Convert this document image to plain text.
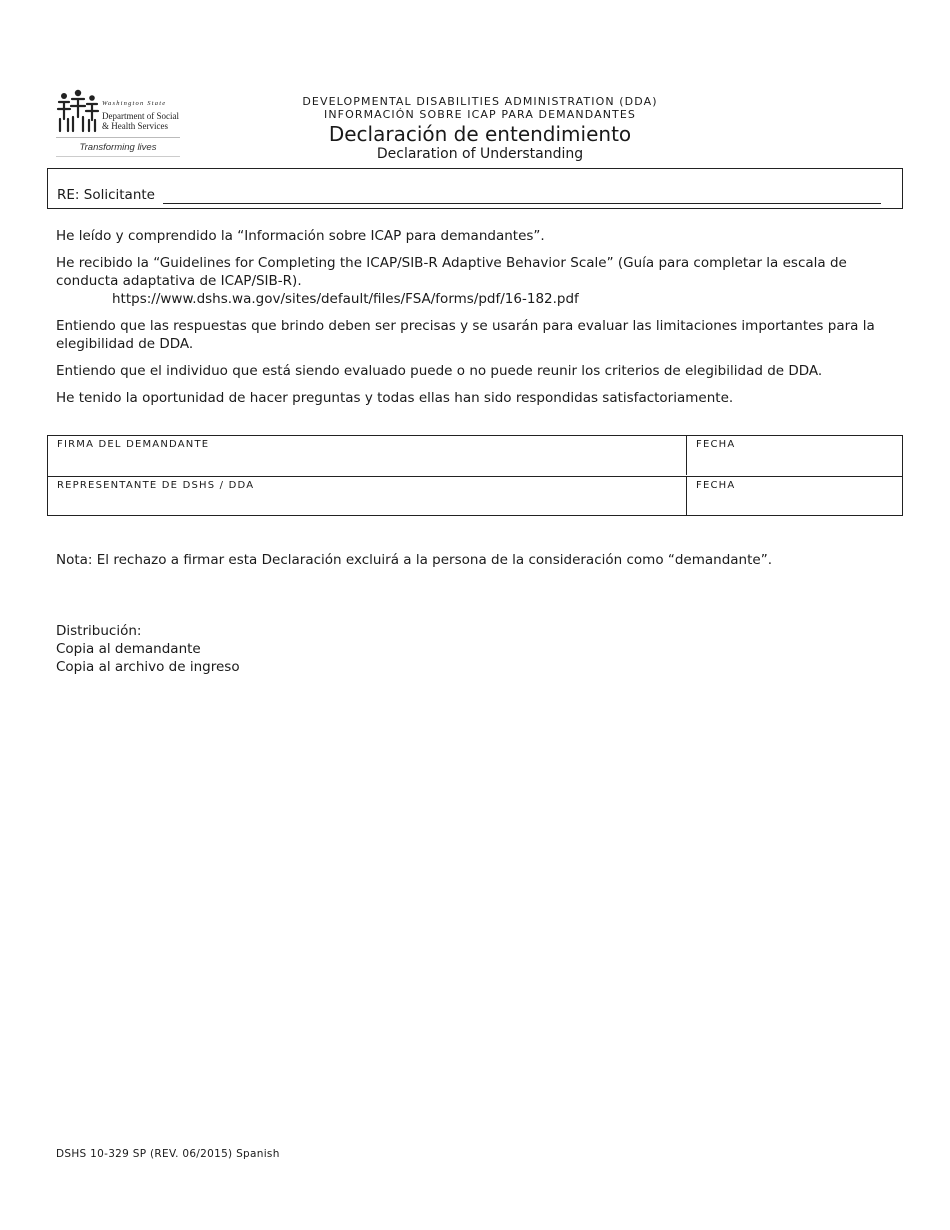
Washington State
Department of Social
& Health Services
Transforming lives
DEVELOPMENTAL DISABILITIES ADMINISTRATION (DDA)
INFORMACIÓN SOBRE ICAP PARA DEMANDANTES
Declaración de entendimiento
Declaration of Understanding
RE: Solicitante
He leído y comprendido la “Información sobre ICAP para demandantes”.
He recibido la “Guidelines for Completing the ICAP/SIB-R Adaptive Behavior Scale” (Guía para completar la escala de conducta adaptativa de ICAP/SIB-R).
https://www.dshs.wa.gov/sites/default/files/FSA/forms/pdf/16-182.pdf
Entiendo que las respuestas que brindo deben ser precisas y se usarán para evaluar las limitaciones importantes para la elegibilidad de DDA.
Entiendo que el individuo que está siendo evaluado puede o no puede reunir los criterios de elegibilidad de DDA.
He tenido la oportunidad de hacer preguntas y todas ellas han sido respondidas satisfactoriamente.
FIRMA DEL DEMANDANTE	FECHA
REPRESENTANTE DE DSHS / DDA	FECHA
Nota: El rechazo a firmar esta Declaración excluirá a la persona de la consideración como “demandante”.
Distribución:
Copia al demandante
Copia al archivo de ingreso
DSHS 10-329 SP (REV. 06/2015) Spanish
